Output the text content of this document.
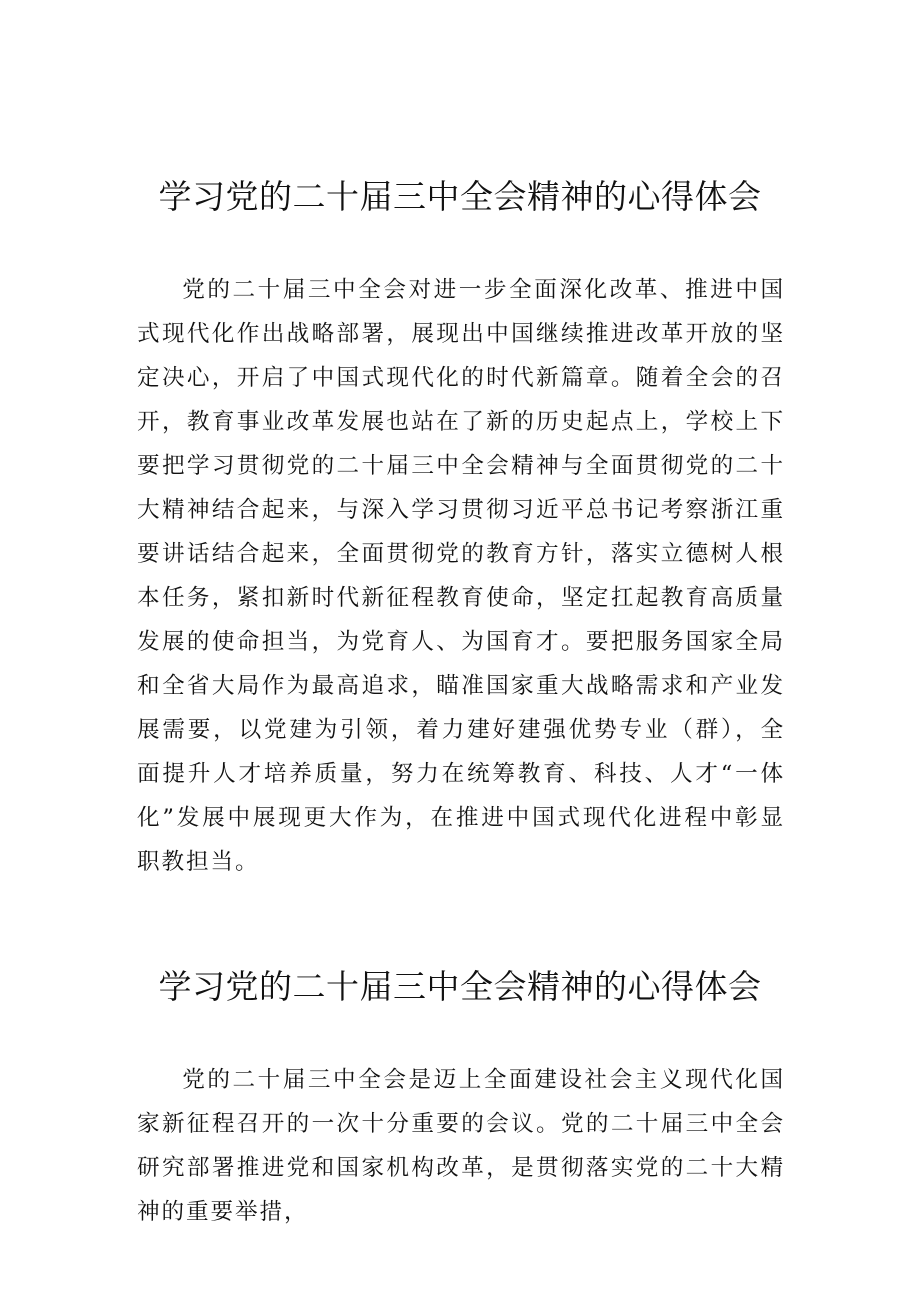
学习党的二十届三中全会精神的心得体会

党的二十届三中全会对进一步全面深化改革、推进中国式现代化作出战略部署，展现出中国继续推进改革开放的坚定决心，开启了中国式现代化的时代新篇章。随着全会的召开，教育事业改革发展也站在了新的历史起点上，学校上下要把学习贯彻党的二十届三中全会精神与全面贯彻党的二十大精神结合起来，与深入学习贯彻习近平总书记考察浙江重要讲话结合起来，全面贯彻党的教育方针，落实立德树人根本任务，紧扣新时代新征程教育使命，坚定扛起教育高质量发展的使命担当，为党育人、为国育才。要把服务国家全局和全省大局作为最高追求，瞄准国家重大战略需求和产业发展需要，以党建为引领，着力建好建强优势专业（群），全面提升人才培养质量，努力在统筹教育、科技、人才“一体化”发展中展现更大作为，在推进中国式现代化进程中彰显职教担当。

学习党的二十届三中全会精神的心得体会

党的二十届三中全会是迈上全面建设社会主义现代化国家新征程召开的一次十分重要的会议。党的二十届三中全会研究部署推进党和国家机构改革，是贯彻落实党的二十大精神的重要举措，
